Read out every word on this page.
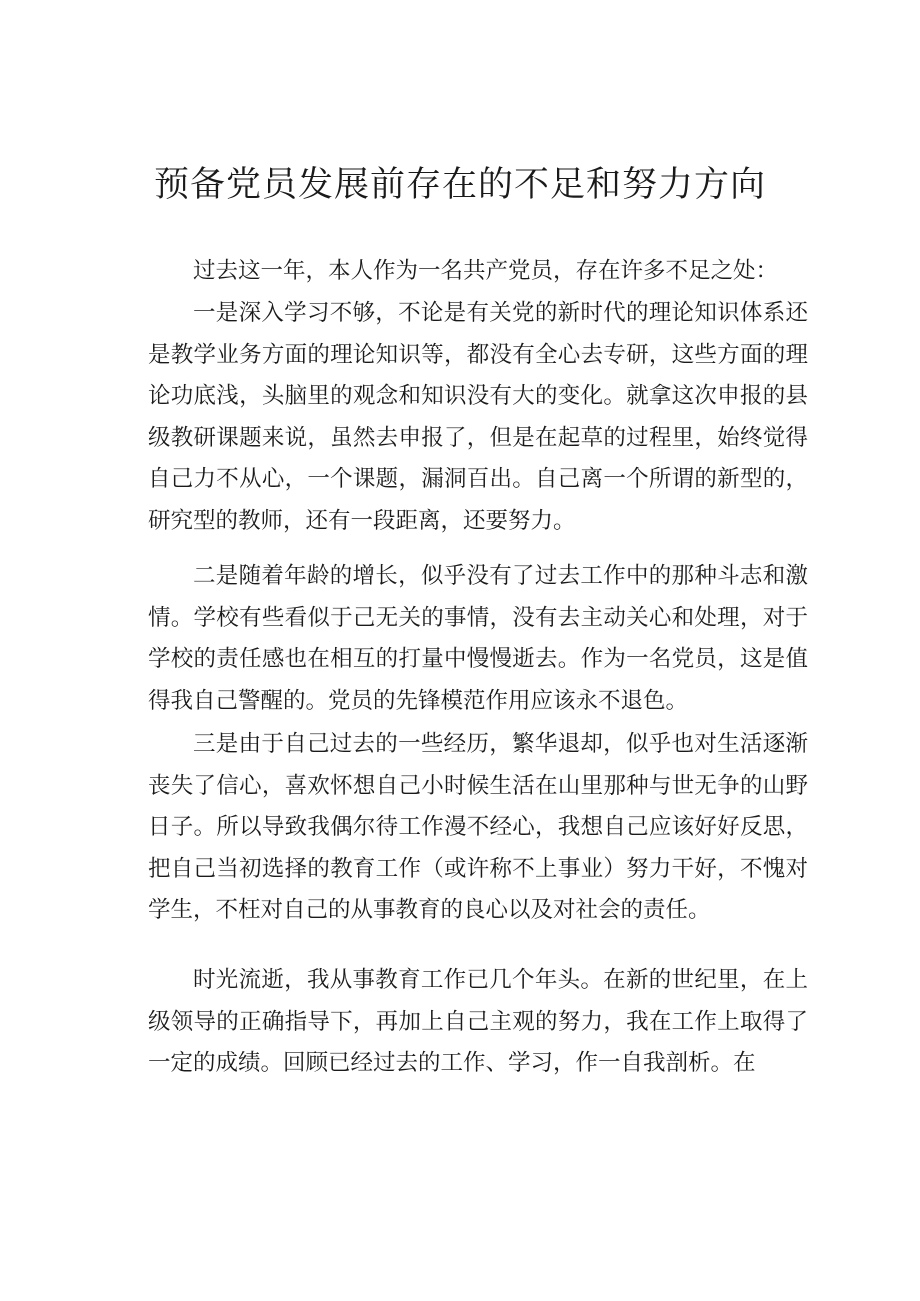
预备党员发展前存在的不足和努力方向

过去这一年，本人作为一名共产党员，存在许多不足之处：

一是深入学习不够，不论是有关党的新时代的理论知识体系还是教学业务方面的理论知识等，都没有全心去专研，这些方面的理论功底浅，头脑里的观念和知识没有大的变化。就拿这次申报的县级教研课题来说，虽然去申报了，但是在起草的过程里，始终觉得自己力不从心，一个课题，漏洞百出。自己离一个所谓的新型的，研究型的教师，还有一段距离，还要努力。

二是随着年龄的增长，似乎没有了过去工作中的那种斗志和激情。学校有些看似于己无关的事情，没有去主动关心和处理，对于学校的责任感也在相互的打量中慢慢逝去。作为一名党员，这是值得我自己警醒的。党员的先锋模范作用应该永不退色。

三是由于自己过去的一些经历，繁华退却，似乎也对生活逐渐丧失了信心，喜欢怀想自己小时候生活在山里那种与世无争的山野日子。所以导致我偶尔待工作漫不经心，我想自己应该好好反思，把自己当初选择的教育工作（或许称不上事业）努力干好，不愧对学生，不枉对自己的从事教育的良心以及对社会的责任。

时光流逝，我从事教育工作已几个年头。在新的世纪里，在上级领导的正确指导下，再加上自己主观的努力，我在工作上取得了一定的成绩。回顾已经过去的工作、学习，作一自我剖析。在
